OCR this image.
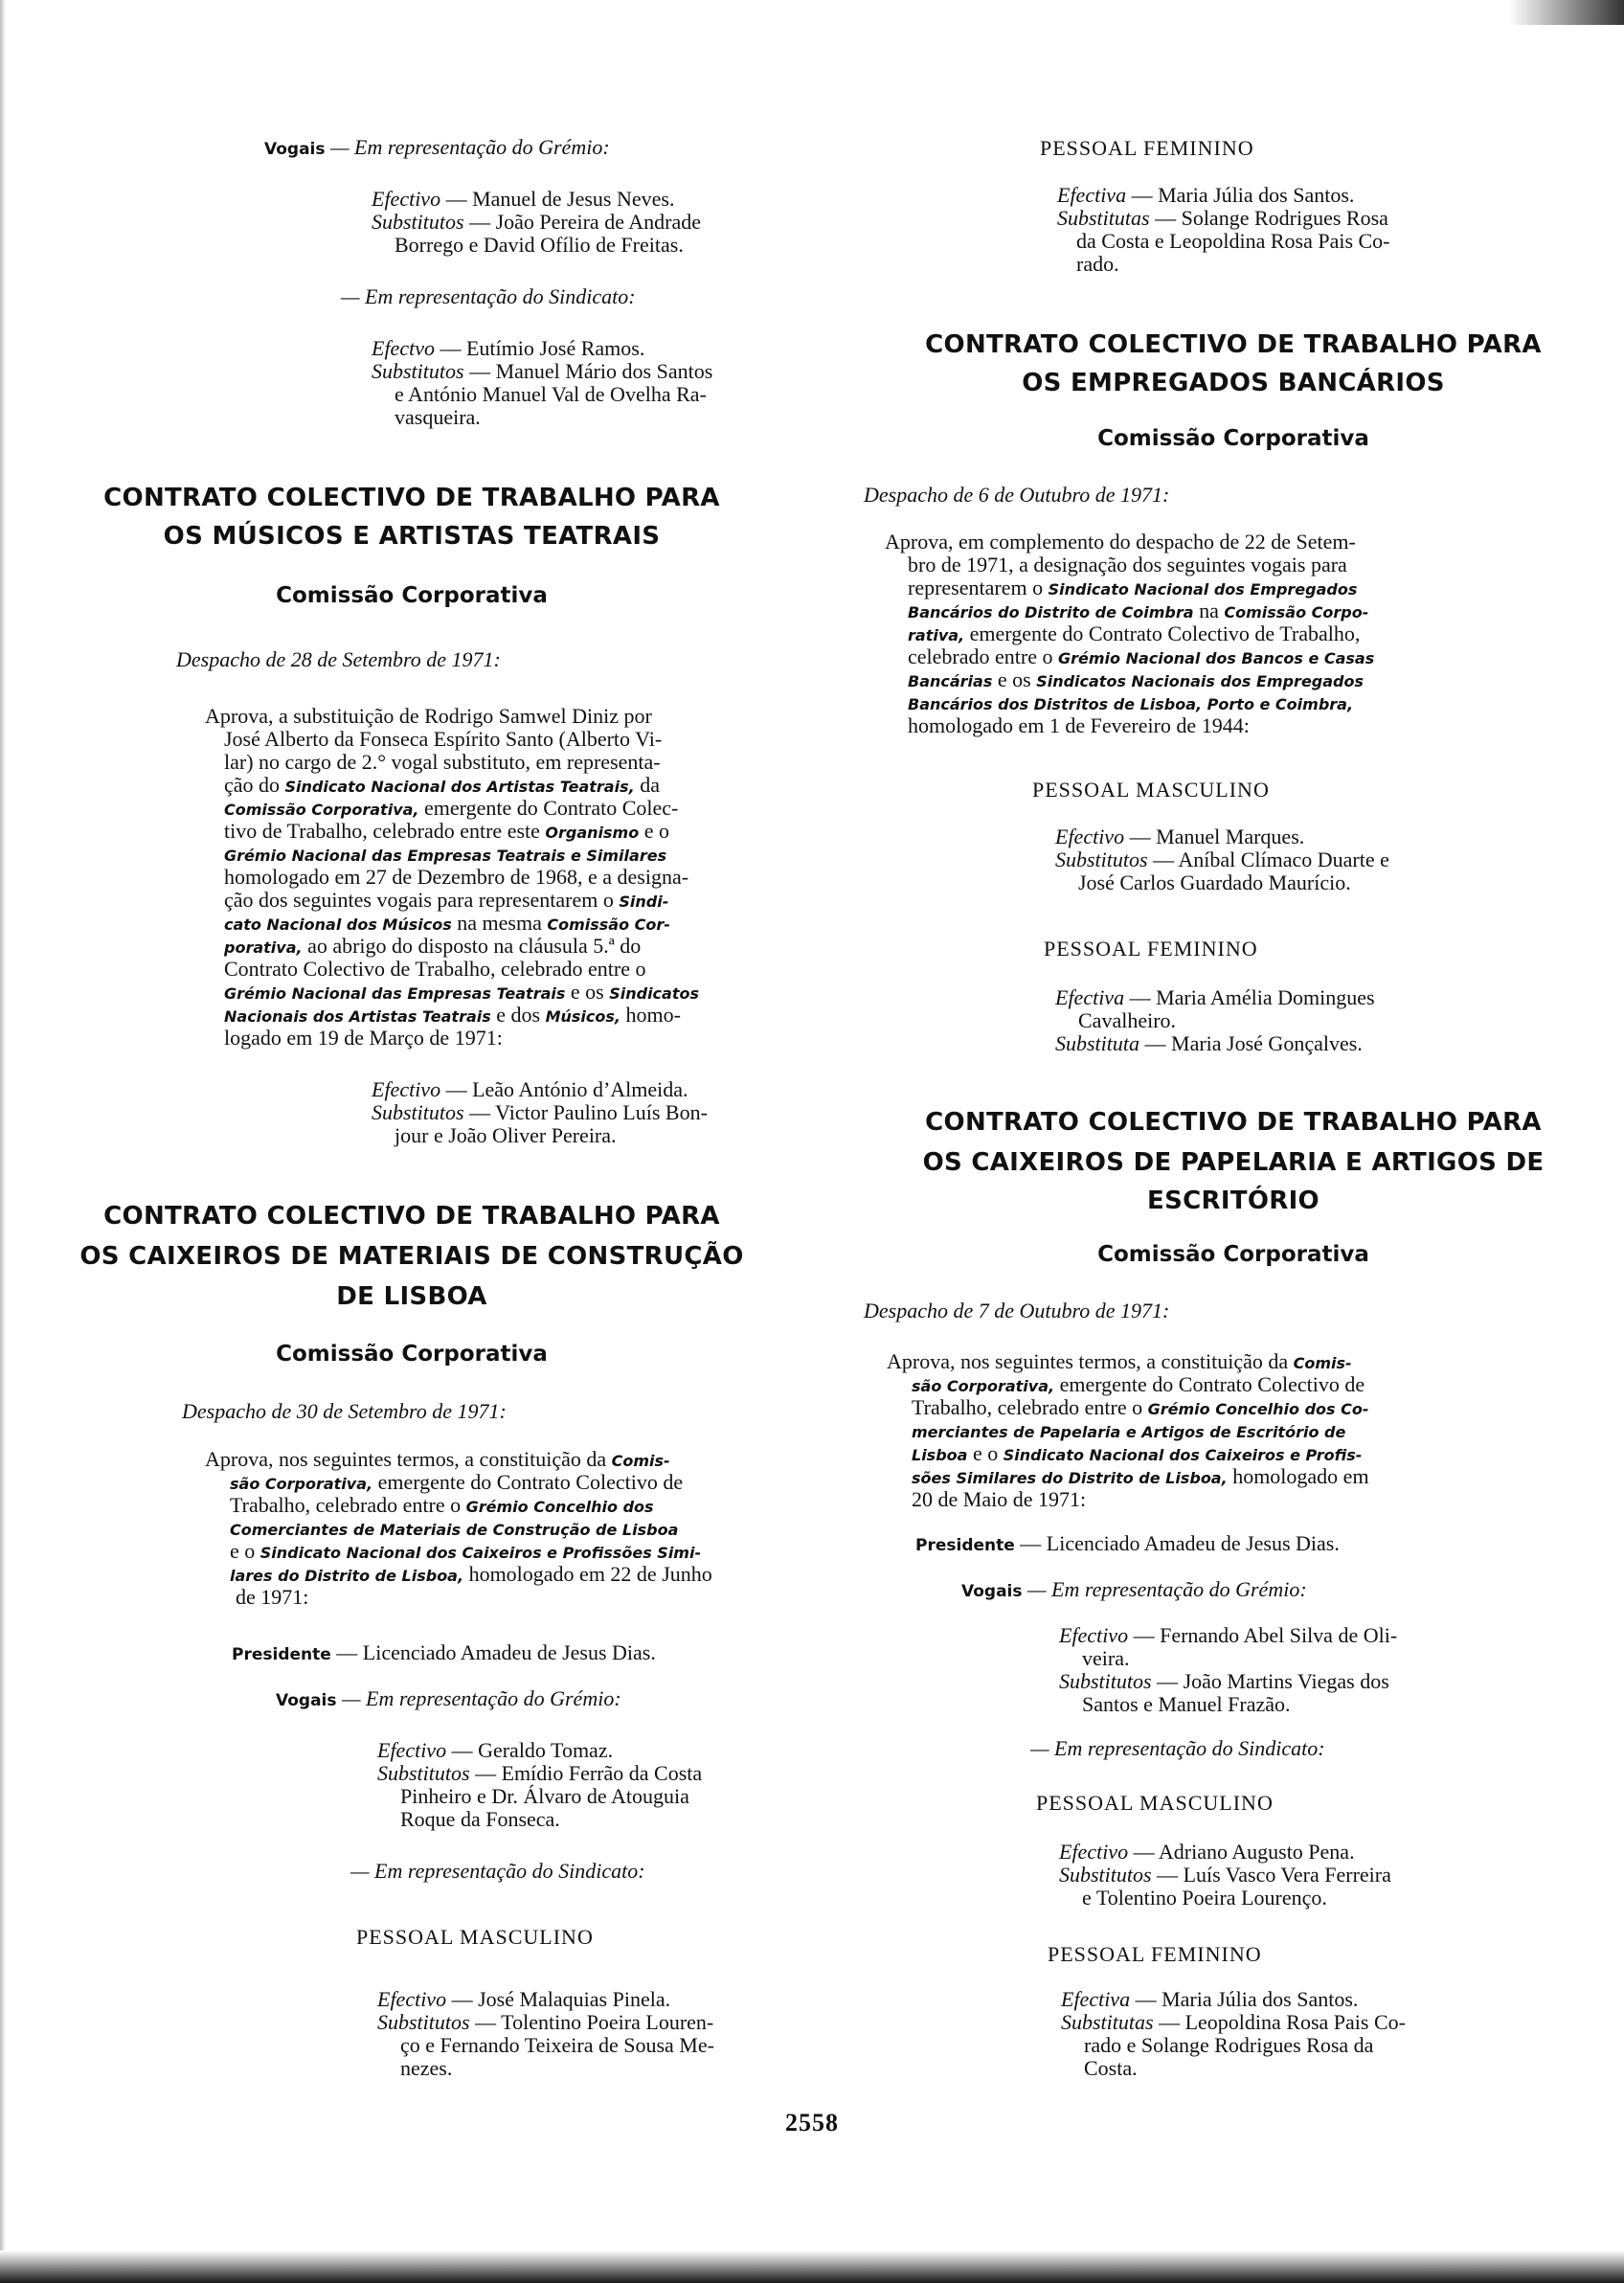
Vogais — Em representação do Grémio:
Efectivo — Manuel de Jesus Neves.
Substitutos — João Pereira de Andrade
Borrego e David Ofílio de Freitas.
— Em representação do Sindicato:
Efectvo — Eutímio José Ramos.
Substitutos — Manuel Mário dos Santos
e António Manuel Val de Ovelha Ra-
vasqueira.
CONTRATO COLECTIVO DE TRABALHO PARA
OS MÚSICOS E ARTISTAS TEATRAIS
Comissão Corporativa
Despacho de 28 de Setembro de 1971:
Aprova, a substituição de Rodrigo Samwel Diniz por
José Alberto da Fonseca Espírito Santo (Alberto Vi-
lar) no cargo de 2.° vogal substituto, em representa-
ção do Sindicato Nacional dos Artistas Teatrais, da
Comissão Corporativa, emergente do Contrato Colec-
tivo de Trabalho, celebrado entre este Organismo e o
Grémio Nacional das Empresas Teatrais e Similares
homologado em 27 de Dezembro de 1968, e a designa-
ção dos seguintes vogais para representarem o Sindi-
cato Nacional dos Músicos na mesma Comissão Cor-
porativa, ao abrigo do disposto na cláusula 5.ª do
Contrato Colectivo de Trabalho, celebrado entre o
Grémio Nacional das Empresas Teatrais e os Sindicatos
Nacionais dos Artistas Teatrais e dos Músicos, homo-
logado em 19 de Março de 1971:
Efectivo — Leão António d’Almeida.
Substitutos — Victor Paulino Luís Bon-
jour e João Oliver Pereira.
CONTRATO COLECTIVO DE TRABALHO PARA
OS CAIXEIROS DE MATERIAIS DE CONSTRUÇÃO
DE LISBOA
Comissão Corporativa
Despacho de 30 de Setembro de 1971:
Aprova, nos seguintes termos, a constituição da Comis-
são Corporativa, emergente do Contrato Colectivo de
Trabalho, celebrado entre o Grémio Concelhio dos
Comerciantes de Materiais de Construção de Lisboa
e o Sindicato Nacional dos Caixeiros e Profissões Simi-
lares do Distrito de Lisboa, homologado em 22 de Junho
de 1971:
Presidente — Licenciado Amadeu de Jesus Dias.
Vogais — Em representação do Grémio:
Efectivo — Geraldo Tomaz.
Substitutos — Emídio Ferrão da Costa
Pinheiro e Dr. Álvaro de Atouguia
Roque da Fonseca.
— Em representação do Sindicato:
PESSOAL MASCULINO
Efectivo — José Malaquias Pinela.
Substitutos — Tolentino Poeira Louren-
ço e Fernando Teixeira de Sousa Me-
nezes.
PESSOAL FEMININO
Efectiva — Maria Júlia dos Santos.
Substitutas — Solange Rodrigues Rosa
da Costa e Leopoldina Rosa Pais Co-
rado.
CONTRATO COLECTIVO DE TRABALHO PARA
OS EMPREGADOS BANCÁRIOS
Comissão Corporativa
Despacho de 6 de Outubro de 1971:
Aprova, em complemento do despacho de 22 de Setem-
bro de 1971, a designação dos seguintes vogais para
representarem o Sindicato Nacional dos Empregados
Bancários do Distrito de Coimbra na Comissão Corpo-
rativa, emergente do Contrato Colectivo de Trabalho,
celebrado entre o Grémio Nacional dos Bancos e Casas
Bancárias e os Sindicatos Nacionais dos Empregados
Bancários dos Distritos de Lisboa, Porto e Coimbra,
homologado em 1 de Fevereiro de 1944:
PESSOAL MASCULINO
Efectivo — Manuel Marques.
Substitutos — Aníbal Clímaco Duarte e
José Carlos Guardado Maurício.
PESSOAL FEMININO
Efectiva — Maria Amélia Domingues
Cavalheiro.
Substituta — Maria José Gonçalves.
CONTRATO COLECTIVO DE TRABALHO PARA
OS CAIXEIROS DE PAPELARIA E ARTIGOS DE
ESCRITÓRIO
Comissão Corporativa
Despacho de 7 de Outubro de 1971:
Aprova, nos seguintes termos, a constituição da Comis-
são Corporativa, emergente do Contrato Colectivo de
Trabalho, celebrado entre o Grémio Concelhio dos Co-
merciantes de Papelaria e Artigos de Escritório de
Lisboa e o Sindicato Nacional dos Caixeiros e Profis-
sões Similares do Distrito de Lisboa, homologado em
20 de Maio de 1971:
Presidente — Licenciado Amadeu de Jesus Dias.
Vogais — Em representação do Grémio:
Efectivo — Fernando Abel Silva de Oli-
veira.
Substitutos — João Martins Viegas dos
Santos e Manuel Frazão.
— Em representação do Sindicato:
PESSOAL MASCULINO
Efectivo — Adriano Augusto Pena.
Substitutos — Luís Vasco Vera Ferreira
e Tolentino Poeira Lourenço.
PESSOAL FEMININO
Efectiva — Maria Júlia dos Santos.
Substitutas — Leopoldina Rosa Pais Co-
rado e Solange Rodrigues Rosa da
Costa.
2558
